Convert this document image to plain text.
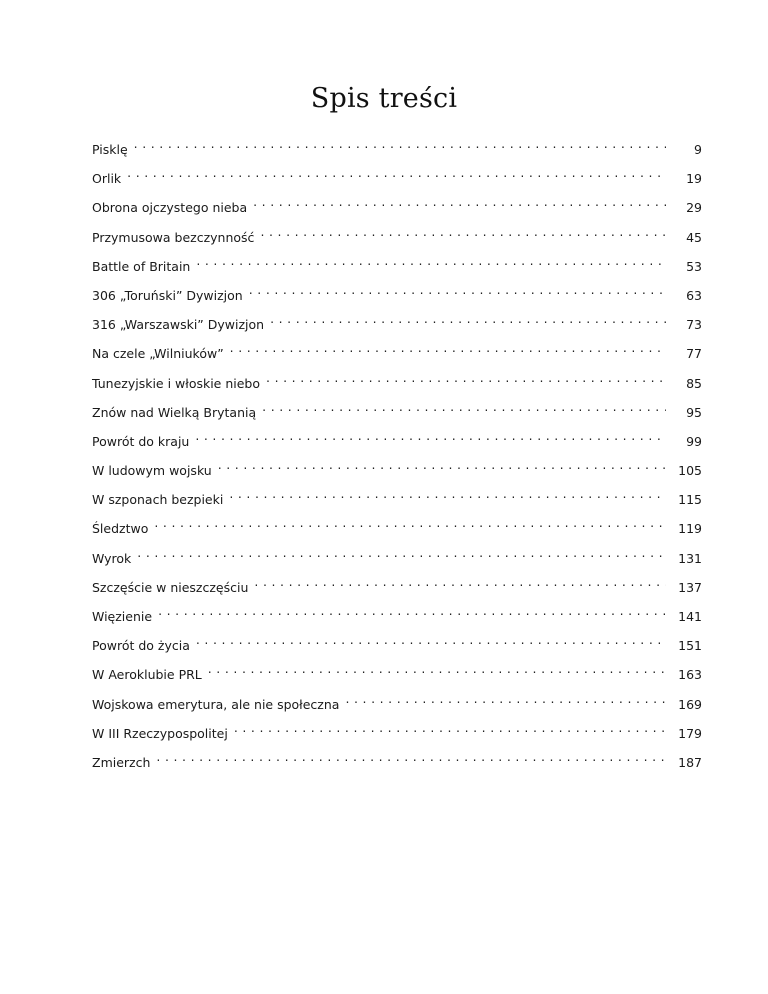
Spis treści
Pisklę . . .	9
Orlik . . .	19
Obrona ojczystego nieba . . .	29
Przymusowa bezczynność . . .	45
Battle of Britain . . .	53
306 „Toruński” Dywizjon . . .	63
316 „Warszawski” Dywizjon . . .	73
Na czele „Wilniuków” . . .	77
Tunezyjskie i włoskie niebo . . .	85
Znów nad Wielką Brytanią . . .	95
Powrót do kraju . . .	99
W ludowym wojsku . . .	105
W szponach bezpieki . . .	115
Śledztwo . . .	119
Wyrok . . .	131
Szczęście w nieszczęściu . . .	137
Więzienie . . .	141
Powrót do życia . . .	151
W Aeroklubie PRL . . .	163
Wojskowa emerytura, ale nie społeczna . . .	169
W III Rzeczypospolitej . . .	179
Zmierzch . . .	187
